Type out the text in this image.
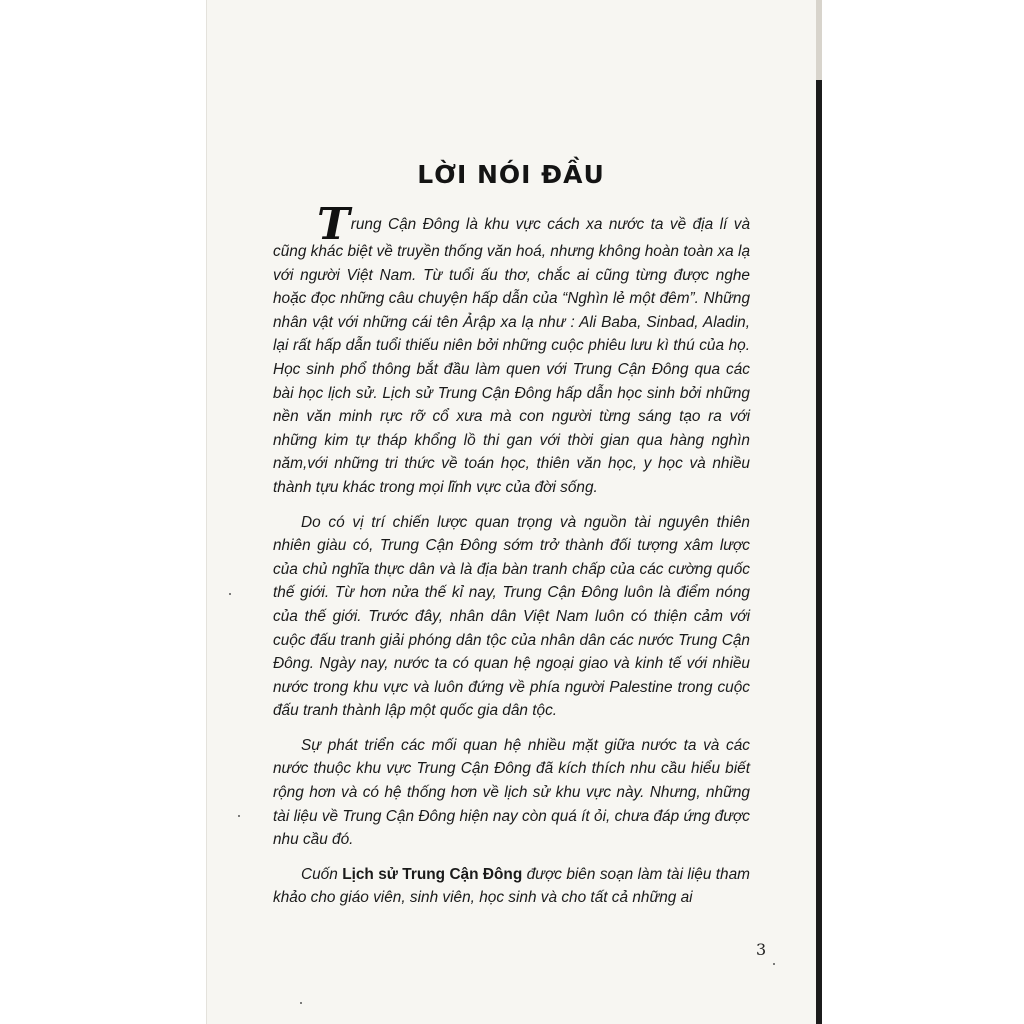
LỜI NÓI ĐẦU

Trung Cận Đông là khu vực cách xa nước ta về địa lí và cũng khác biệt về truyền thống văn hoá, nhưng không hoàn toàn xa lạ với người Việt Nam. Từ tuổi ấu thơ, chắc ai cũng từng được nghe hoặc đọc những câu chuyện hấp dẫn của “Nghìn lẻ một đêm”. Những nhân vật với những cái tên Ảrập xa lạ như : Ali Baba, Sinbad, Aladin, lại rất hấp dẫn tuổi thiếu niên bởi những cuộc phiêu lưu kì thú của họ. Học sinh phổ thông bắt đầu làm quen với Trung Cận Đông qua các bài học lịch sử. Lịch sử Trung Cận Đông hấp dẫn học sinh bởi những nền văn minh rực rỡ cổ xưa mà con người từng sáng tạo ra với những kim tự tháp khổng lồ thi gan với thời gian qua hàng nghìn năm,với những tri thức về toán học, thiên văn học, y học và nhiều thành tựu khác trong mọi lĩnh vực của đời sống.

Do có vị trí chiến lược quan trọng và nguồn tài nguyên thiên nhiên giàu có, Trung Cận Đông sớm trở thành đối tượng xâm lược của chủ nghĩa thực dân và là địa bàn tranh chấp của các cường quốc thế giới. Từ hơn nửa thế kỉ nay, Trung Cận Đông luôn là điểm nóng của thế giới. Trước đây, nhân dân Việt Nam luôn có thiện cảm với cuộc đấu tranh giải phóng dân tộc của nhân dân các nước Trung Cận Đông. Ngày nay, nước ta có quan hệ ngoại giao và kinh tế với nhiều nước trong khu vực và luôn đứng về phía người Palestine trong cuộc đấu tranh thành lập một quốc gia dân tộc.

Sự phát triển các mối quan hệ nhiều mặt giữa nước ta và các nước thuộc khu vực Trung Cận Đông đã kích thích nhu cầu hiểu biết rộng hơn và có hệ thống hơn về lịch sử khu vực này. Nhưng, những tài liệu về Trung Cận Đông hiện nay còn quá ít ỏi, chưa đáp ứng được nhu cầu đó.

Cuốn Lịch sử Trung Cận Đông được biên soạn làm tài liệu tham khảo cho giáo viên, sinh viên, học sinh và cho tất cả những ai

3
